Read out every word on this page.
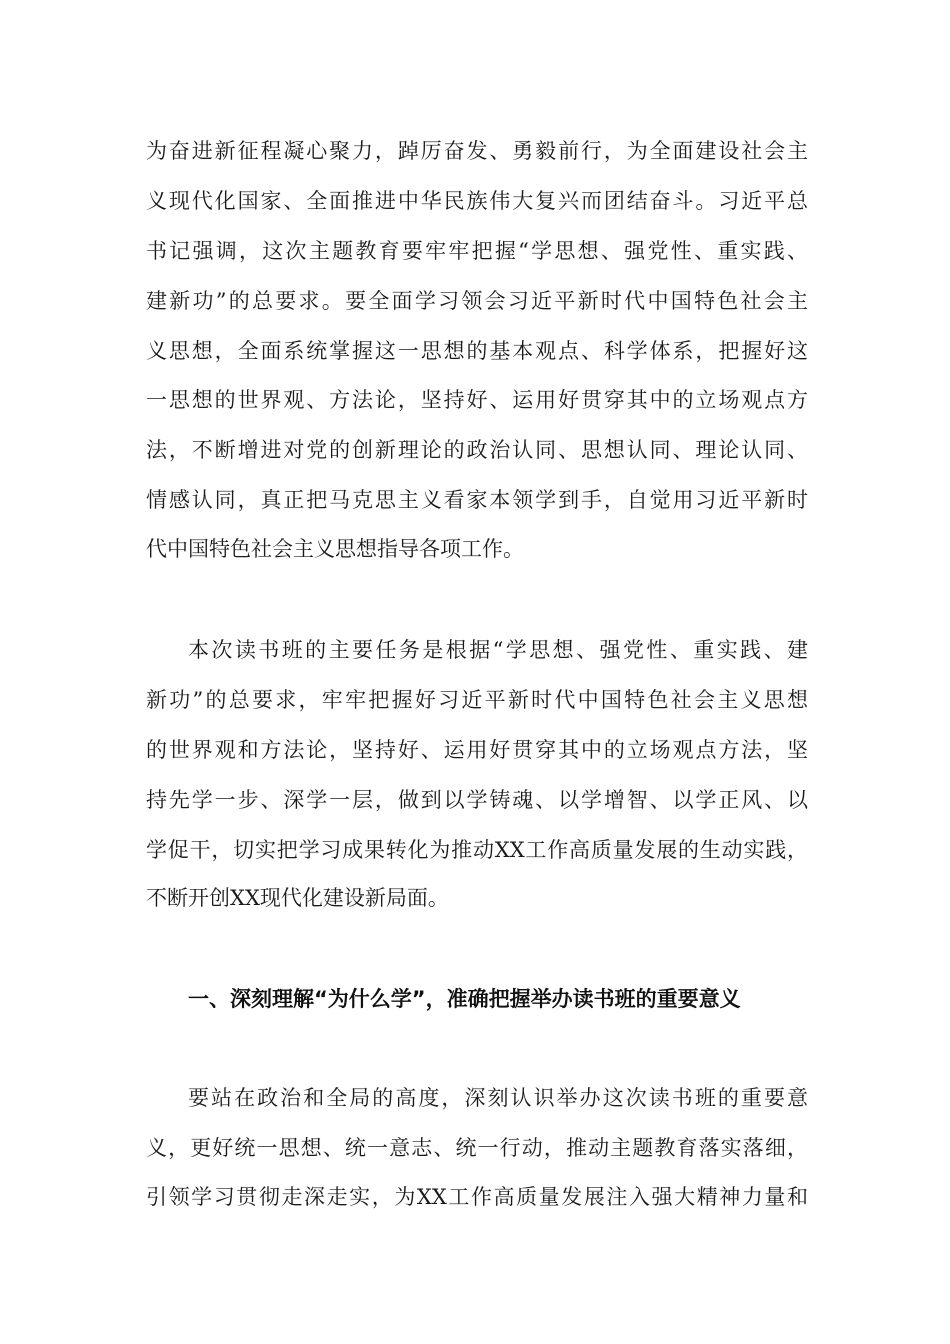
为奋进新征程凝心聚力，踔厉奋发、勇毅前行，为全面建设社会主
义现代化国家、全面推进中华民族伟大复兴而团结奋斗。习近平总
书记强调，这次主题教育要牢牢把握“学思想、强党性、重实践、
建新功”的总要求。要全面学习领会习近平新时代中国特色社会主
义思想，全面系统掌握这一思想的基本观点、科学体系，把握好这
一思想的世界观、方法论，坚持好、运用好贯穿其中的立场观点方
法，不断增进对党的创新理论的政治认同、思想认同、理论认同、
情感认同，真正把马克思主义看家本领学到手，自觉用习近平新时
代中国特色社会主义思想指导各项工作。
本次读书班的主要任务是根据“学思想、强党性、重实践、建
新功”的总要求，牢牢把握好习近平新时代中国特色社会主义思想
的世界观和方法论，坚持好、运用好贯穿其中的立场观点方法，坚
持先学一步、深学一层，做到以学铸魂、以学增智、以学正风、以
学促干，切实把学习成果转化为推动XX工作高质量发展的生动实践，
不断开创XX现代化建设新局面。
一、深刻理解“为什么学”，准确把握举办读书班的重要意义
要站在政治和全局的高度，深刻认识举办这次读书班的重要意
义，更好统一思想、统一意志、统一行动，推动主题教育落实落细，
引领学习贯彻走深走实，为XX工作高质量发展注入强大精神力量和
